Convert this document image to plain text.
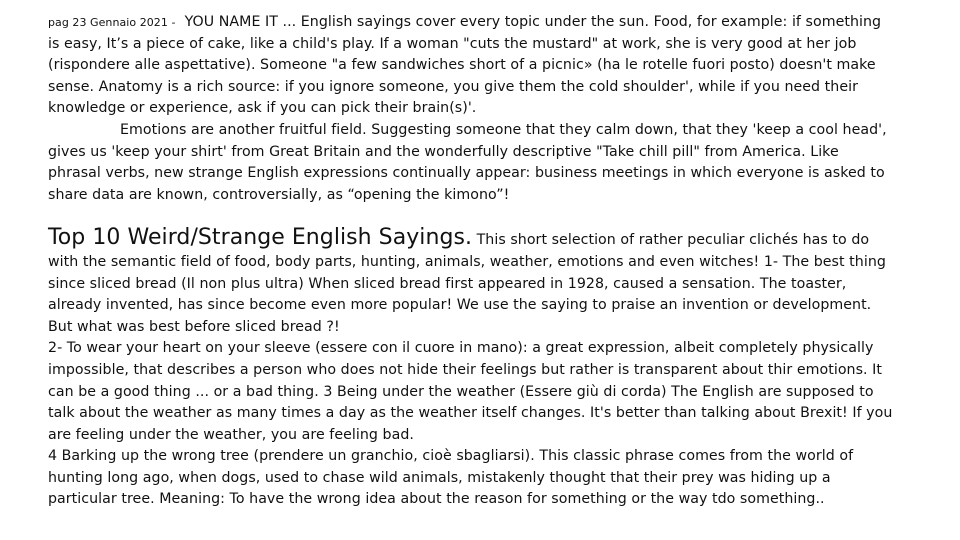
pag 23 Gennaio 2021 - YOU NAME IT ... English sayings cover every topic under the sun. Food, for example: if something
is easy, It’s a piece of cake, like a child's play. If a woman "cuts the mustard" at work, she is very good at her job
(rispondere alle aspettative). Someone "a few sandwiches short of a picnic» (ha le rotelle fuori posto) doesn't make
sense. Anatomy is a rich source: if you ignore someone, you give them the cold shoulder', while if you need their
knowledge or experience, ask if you can pick their brain(s)'.

Emotions are another fruitful field. Suggesting someone that they calm down, that they 'keep a cool head',
gives us 'keep your shirt' from Great Britain and the wonderfully descriptive "Take chill pill" from America. Like
phrasal verbs, new strange English expressions continually appear: business meetings in which everyone is asked to
share data are known, controversially, as “opening the kimono”!

Top 10 Weird/Strange English Sayings. This short selection of rather peculiar clichés has to do
with the semantic field of food, body parts, hunting, animals, weather, emotions and even witches! 1- The best thing
since sliced bread (Il non plus ultra) When sliced bread first appeared in 1928, caused a sensation. The toaster,
already invented, has since become even more popular! We use the saying to praise an invention or development.
But what was best before sliced bread ?!
2- To wear your heart on your sleeve (essere con il cuore in mano): a great expression, albeit completely physically
impossible, that describes a person who does not hide their feelings but rather is transparent about thir emotions. It
can be a good thing ... or a bad thing. 3 Being under the weather (Essere giù di corda) The English are supposed to
talk about the weather as many times a day as the weather itself changes. It's better than talking about Brexit! If you
are feeling under the weather, you are feeling bad.
4 Barking up the wrong tree (prendere un granchio, cioè sbagliarsi). This classic phrase comes from the world of
hunting long ago, when dogs, used to chase wild animals, mistakenly thought that their prey was hiding up a
particular tree. Meaning: To have the wrong idea about the reason for something or the way tdo something..
